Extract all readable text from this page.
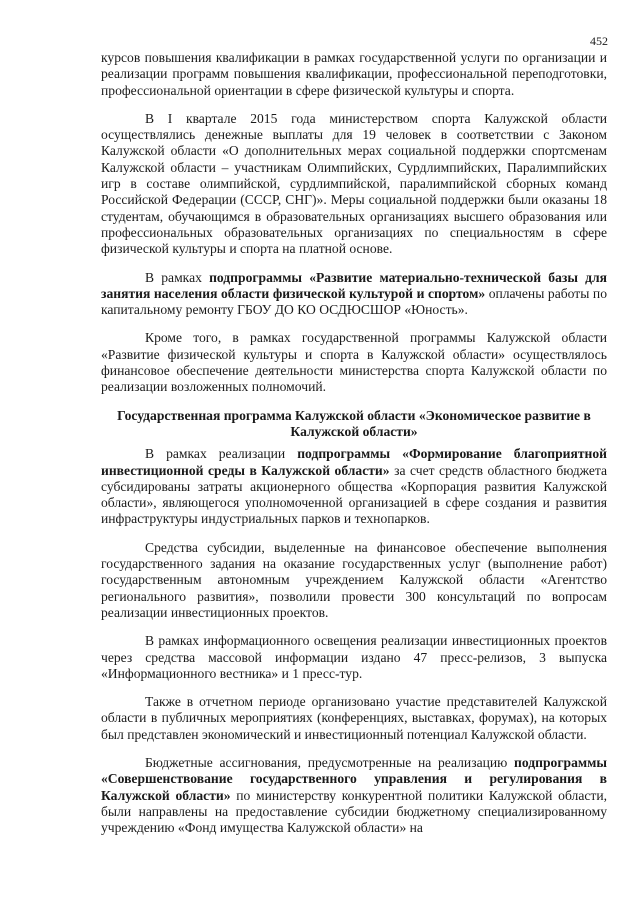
452

курсов повышения квалификации в рамках государственной услуги по организации и реализации программ повышения квалификации, профессиональной переподготовки, профессиональной ориентации в сфере физической культуры и спорта.

В I квартале 2015 года министерством спорта Калужской области осуществлялись денежные выплаты для 19 человек в соответствии с Законом Калужской области «О дополнительных мерах социальной поддержки спортсменам Калужской области – участникам Олимпийских, Сурдлимпийских, Паралимпийских игр в составе олимпийской, сурдлимпийской, паралимпийской сборных команд Российской Федерации (СССР, СНГ)». Меры социальной поддержки были оказаны 18 студентам, обучающимся в образовательных организациях высшего образования или профессиональных образовательных организациях по специальностям в сфере физической культуры и спорта на платной основе.

В рамках подпрограммы «Развитие материально-технической базы для занятия населения области физической культурой и спортом» оплачены работы по капитальному ремонту ГБОУ ДО КО ОСДЮСШОР «Юность».

Кроме того, в рамках государственной программы Калужской области «Развитие физической культуры и спорта в Калужской области» осуществлялось финансовое обеспечение деятельности министерства спорта Калужской области по реализации возложенных полномочий.

Государственная программа Калужской области «Экономическое развитие в Калужской области»

В рамках реализации подпрограммы «Формирование благоприятной инвестиционной среды в Калужской области» за счет средств областного бюджета субсидированы затраты акционерного общества «Корпорация развития Калужской области», являющегося уполномоченной организацией в сфере создания и развития инфраструктуры индустриальных парков и технопарков.

Средства субсидии, выделенные на финансовое обеспечение выполнения государственного задания на оказание государственных услуг (выполнение работ) государственным автономным учреждением Калужской области «Агентство регионального развития», позволили провести 300 консультаций по вопросам реализации инвестиционных проектов.

В рамках информационного освещения реализации инвестиционных проектов через средства массовой информации издано 47 пресс-релизов, 3 выпуска «Информационного вестника» и 1 пресс-тур.

Также в отчетном периоде организовано участие представителей Калужской области в публичных мероприятиях (конференциях, выставках, форумах), на которых был представлен экономический и инвестиционный потенциал Калужской области.

Бюджетные ассигнования, предусмотренные на реализацию подпрограммы «Совершенствование государственного управления и регулирования в Калужской области» по министерству конкурентной политики Калужской области, были направлены на предоставление субсидии бюджетному специализированному учреждению «Фонд имущества Калужской области» на
